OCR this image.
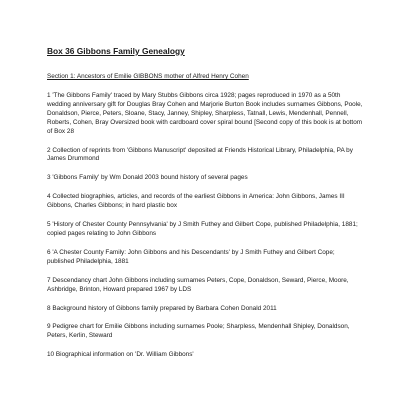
Box 36 Gibbons Family Genealogy
Section 1: Ancestors of Emilie GIBBONS mother of Alfred Henry Cohen
1 'The Gibbons Family' traced by Mary Stubbs Gibbons circa 1928; pages reproduced in 1970 as a 50th wedding anniversary gift for Douglas Bray Cohen and Marjorie Burton Book includes surnames Gibbons, Poole, Donaldson, Pierce, Peters, Sloane, Stacy, Janney, Shipley, Sharpless, Tatnall, Lewis, Mendenhall, Pennell, Roberts, Cohen, Bray Oversized book with cardboard cover spiral bound [Second copy of this book is at bottom of Box 28
2 Collection of reprints from 'Gibbons Manuscript' deposited at Friends Historical Library, Philadelphia, PA by James Drummond
3 'Gibbons Family' by Wm Donald 2003 bound history of several pages
4 Collected biographies, articles, and records of the earliest Gibbons in America: John Gibbons, James III Gibbons, Charles Gibbons; in hard plastic box
5 'History of Chester County Pennsylvania' by J Smith Futhey and Gilbert Cope, published Philadelphia, 1881; copied pages relating to John Gibbons
6 'A Chester County Family: John Gibbons and his Descendants' by J Smith Futhey and Gilbert Cope; published Philadelphia, 1881
7 Descendancy chart John Gibbons including surnames Peters, Cope, Donaldson, Seward, Pierce, Moore, Ashbridge, Brinton, Howard prepared 1967 by LDS
8 Background history of Gibbons family prepared by Barbara Cohen Donald 2011
9 Pedigree chart for Emilie Gibbons including surnames Poole; Sharpless, Mendenhall Shipley, Donaldson, Peters, Kerlin, Steward
10 Biographical information on 'Dr. William Gibbons'
